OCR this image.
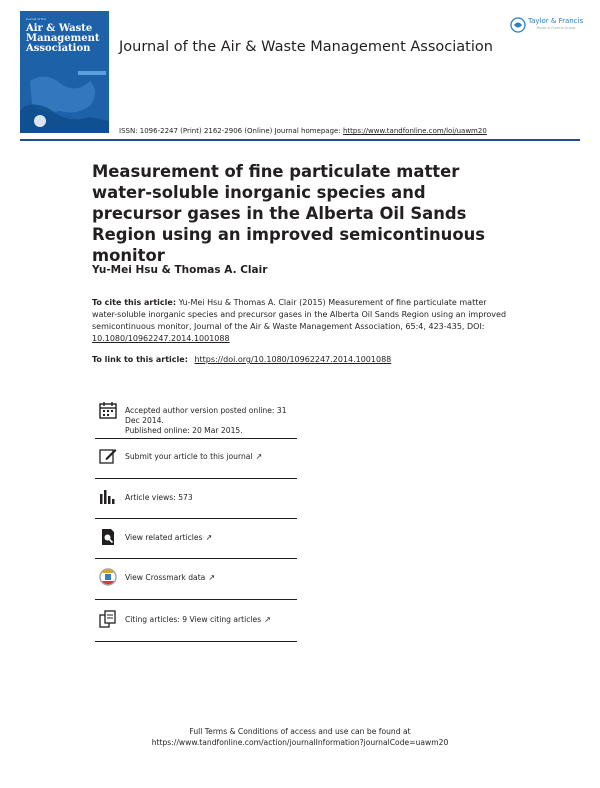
Journal of the
Air & Waste Management Association	Journal of the Air & Waste Management Association
Taylor & Francis
Taylor & Francis Group
ISSN: 1096-2247 (Print) 2162-2906 (Online) Journal homepage: https://www.tandfonline.com/loi/uawm20
Measurement of fine particulate matter water-soluble inorganic species and precursor gases in the Alberta Oil Sands Region using an improved semicontinuous monitor
Yu-Mei Hsu & Thomas A. Clair
To cite this article: Yu-Mei Hsu & Thomas A. Clair (2015) Measurement of fine particulate matter water-soluble inorganic species and precursor gases in the Alberta Oil Sands Region using an improved semicontinuous monitor, Journal of the Air & Waste Management Association, 65:4, 423-435, DOI: 10.1080/10962247.2014.1001088
To link to this article: https://doi.org/10.1080/10962247.2014.1001088
Accepted author version posted online: 31 Dec 2014.
Published online: 20 Mar 2015.
Submit your article to this journal ↗
Article views: 573
View related articles ↗
View Crossmark data ↗
Citing articles: 9 View citing articles ↗
Full Terms & Conditions of access and use can be found at
https://www.tandfonline.com/action/journalInformation?journalCode=uawm20
